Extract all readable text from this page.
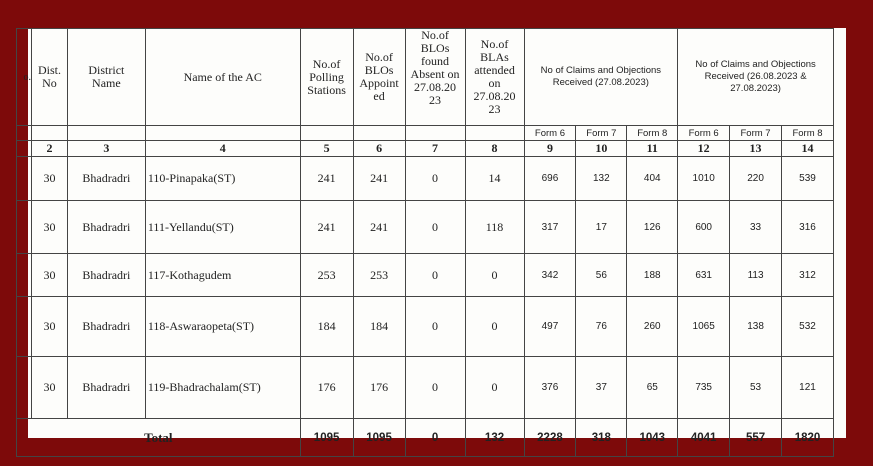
o.	Dist. No	District Name	Name of the AC	No.of Polling Stations	No.of BLOs Appoint ed	No.of BLOs found Absent on 27.08.20 23	No.of BLAs attended on 27.08.20 23	No of Claims and Objections Received (27.08.2023)			No of Claims and Objections Received (26.08.2023 & 27.08.2023)		
								Form 6	Form 7	Form 8	Form 6	Form 7	Form 8
	2	3	4	5	6	7	8	9	10	11	12	13	14
	30	Bhadradri	110-Pinapaka(ST)	241	241	0	14	696	132	404	1010	220	539
	30	Bhadradri	111-Yellandu(ST)	241	241	0	118	317	17	126	600	33	316
	30	Bhadradri	117-Kothagudem	253	253	0	0	342	56	188	631	113	312
	30	Bhadradri	118-Aswaraopeta(ST)	184	184	0	0	497	76	260	1065	138	532
	30	Bhadradri	119-Bhadrachalam(ST)	176	176	0	0	376	37	65	735	53	121
Total				1095	1095	0	132	2228	318	1043	4041	557	1820
